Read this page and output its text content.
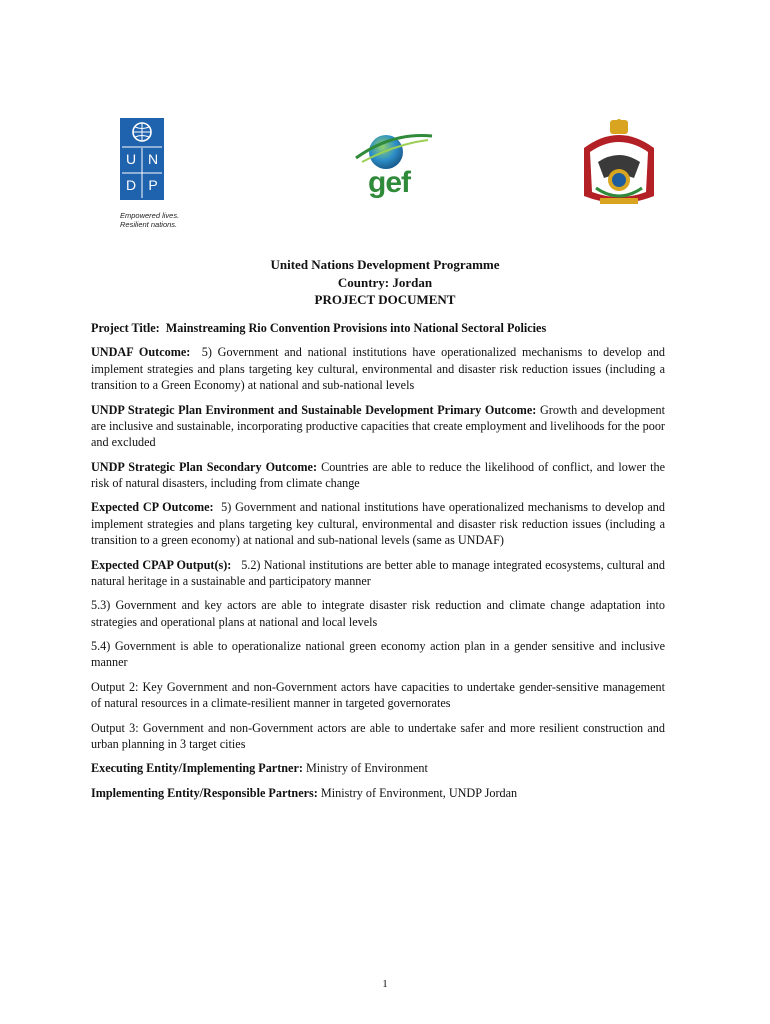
U N
D P
Empowered lives.
Resilient nations.
gef
United Nations Development Programme
Country: Jordan
PROJECT DOCUMENT

Project Title: Mainstreaming Rio Convention Provisions into National Sectoral Policies

UNDAF Outcome: 5) Government and national institutions have operationalized mechanisms to develop and implement strategies and plans targeting key cultural, environmental and disaster risk reduction issues (including a transition to a Green Economy) at national and sub-national levels

UNDP Strategic Plan Environment and Sustainable Development Primary Outcome: Growth and development are inclusive and sustainable, incorporating productive capacities that create employment and livelihoods for the poor and excluded

UNDP Strategic Plan Secondary Outcome: Countries are able to reduce the likelihood of conflict, and lower the risk of natural disasters, including from climate change

Expected CP Outcome: 5) Government and national institutions have operationalized mechanisms to develop and implement strategies and plans targeting key cultural, environmental and disaster risk reduction issues (including a transition to a green economy) at national and sub-national levels (same as UNDAF)

Expected CPAP Output(s): 5.2) National institutions are better able to manage integrated ecosystems, cultural and natural heritage in a sustainable and participatory manner

5.3) Government and key actors are able to integrate disaster risk reduction and climate change adaptation into strategies and operational plans at national and local levels

5.4) Government is able to operationalize national green economy action plan in a gender sensitive and inclusive manner

Output 2: Key Government and non-Government actors have capacities to undertake gender-sensitive management of natural resources in a climate-resilient manner in targeted governorates

Output 3: Government and non-Government actors are able to undertake safer and more resilient construction and urban planning in 3 target cities

Executing Entity/Implementing Partner: Ministry of Environment

Implementing Entity/Responsible Partners: Ministry of Environment, UNDP Jordan

1
